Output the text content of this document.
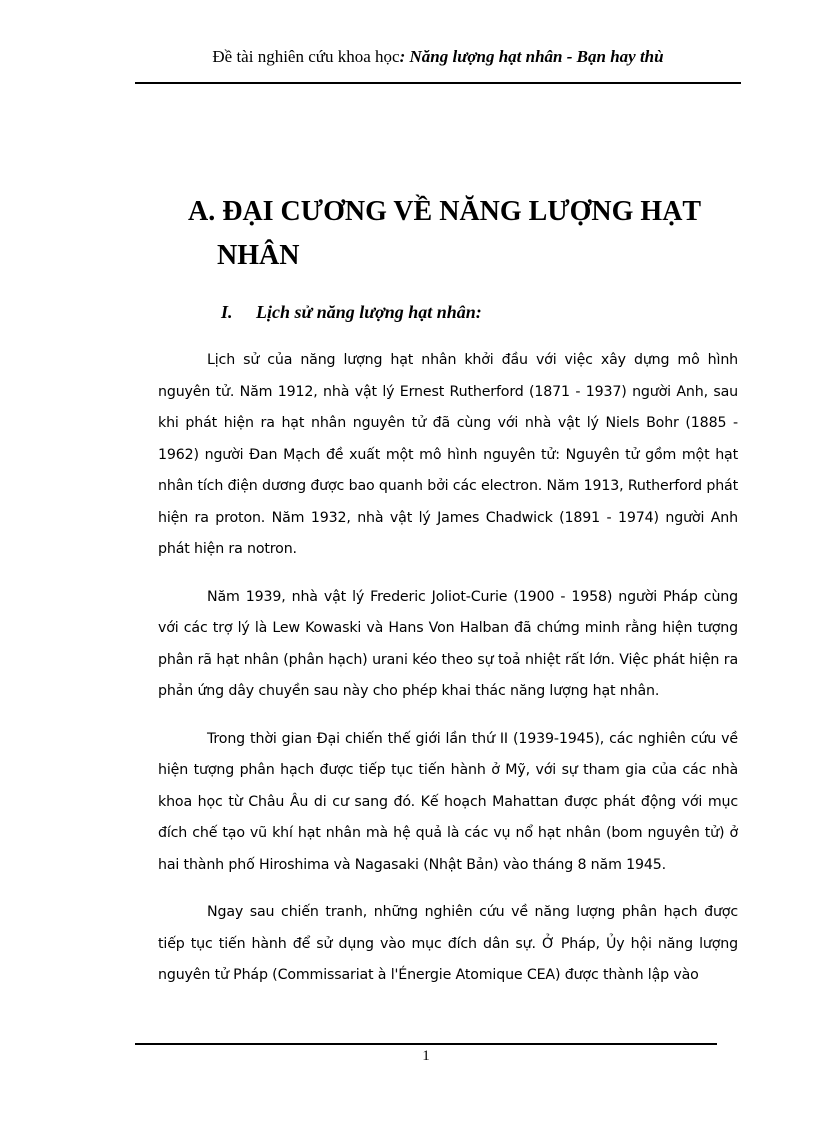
Đề tài nghiên cứu khoa học: Năng lượng hạt nhân - Bạn hay thù
A. ĐẠI CƯƠNG VỀ NĂNG LƯỢNG HẠT
NHÂN
I. Lịch sử năng lượng hạt nhân:

Lịch sử của năng lượng hạt nhân khởi đầu với việc xây dựng mô hình nguyên tử. Năm 1912, nhà vật lý Ernest Rutherford (1871 - 1937) người Anh, sau khi phát hiện ra hạt nhân nguyên tử đã cùng với nhà vật lý Niels Bohr (1885 - 1962) người Đan Mạch đề xuất một mô hình nguyên tử: Nguyên tử gồm một hạt nhân tích điện dương được bao quanh bởi các electron. Năm 1913, Rutherford phát hiện ra proton. Năm 1932, nhà vật lý James Chadwick (1891 - 1974) người Anh phát hiện ra notron.

Năm 1939, nhà vật lý Frederic Joliot-Curie (1900 - 1958) người Pháp cùng với các trợ lý là Lew Kowaski và Hans Von Halban đã chứng minh rằng hiện tượng phân rã hạt nhân (phân hạch) urani kéo theo sự toả nhiệt rất lớn. Việc phát hiện ra phản ứng dây chuyền sau này cho phép khai thác năng lượng hạt nhân.

Trong thời gian Đại chiến thế giới lần thứ II (1939-1945), các nghiên cứu về hiện tượng phân hạch được tiếp tục tiến hành ở Mỹ, với sự tham gia của các nhà khoa học từ Châu Âu di cư sang đó. Kế hoạch Mahattan được phát động với mục đích chế tạo vũ khí hạt nhân mà hệ quả là các vụ nổ hạt nhân (bom nguyên tử) ở hai thành phố Hiroshima và Nagasaki (Nhật Bản) vào tháng 8 năm 1945.

Ngay sau chiến tranh, những nghiên cứu về năng lượng phân hạch được tiếp tục tiến hành để sử dụng vào mục đích dân sự. Ở Pháp, Ủy hội năng lượng nguyên tử Pháp (Commissariat à l'Énergie Atomique CEA) được thành lập vào

1
